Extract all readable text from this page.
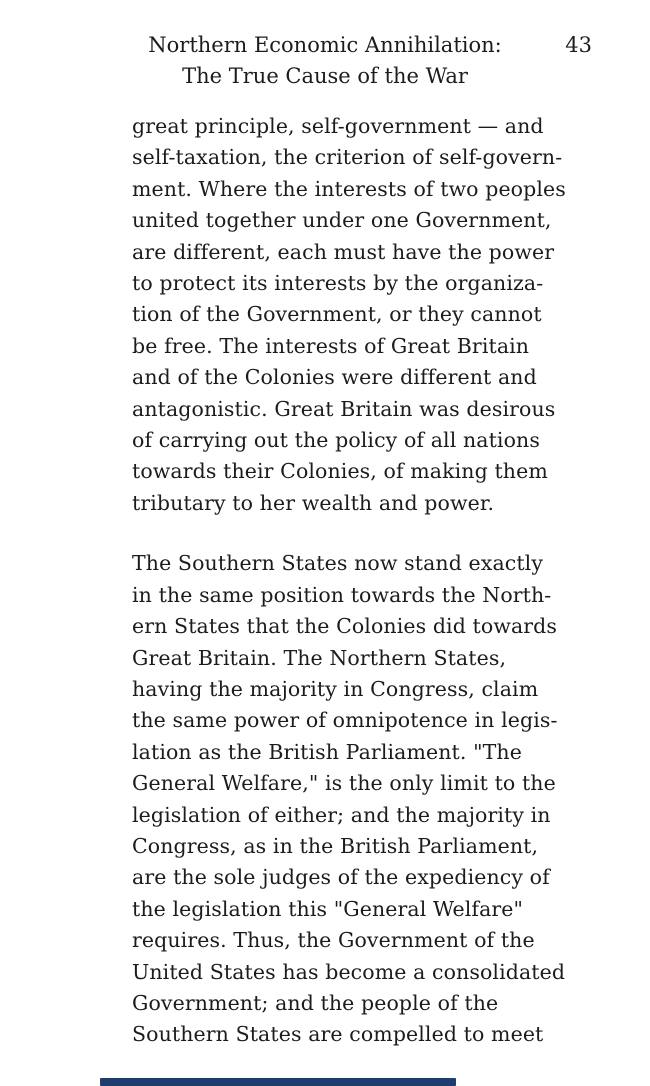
Northern Economic Annihilation:
The True Cause of the War
43

great principle, self-government — and
self-taxation, the criterion of self-govern-
ment. Where the interests of two peoples
united together under one Government,
are different, each must have the power
to protect its interests by the organiza-
tion of the Government, or they cannot
be free. The interests of Great Britain
and of the Colonies were different and
antagonistic. Great Britain was desirous
of carrying out the policy of all nations
towards their Colonies, of making them
tributary to her wealth and power.

The Southern States now stand exactly
in the same position towards the North-
ern States that the Colonies did towards
Great Britain. The Northern States,
having the majority in Congress, claim
the same power of omnipotence in legis-
lation as the British Parliament. "The
General Welfare," is the only limit to the
legislation of either; and the majority in
Congress, as in the British Parliament,
are the sole judges of the expediency of
the legislation this "General Welfare"
requires. Thus, the Government of the
United States has become a consolidated
Government; and the people of the
Southern States are compelled to meet
